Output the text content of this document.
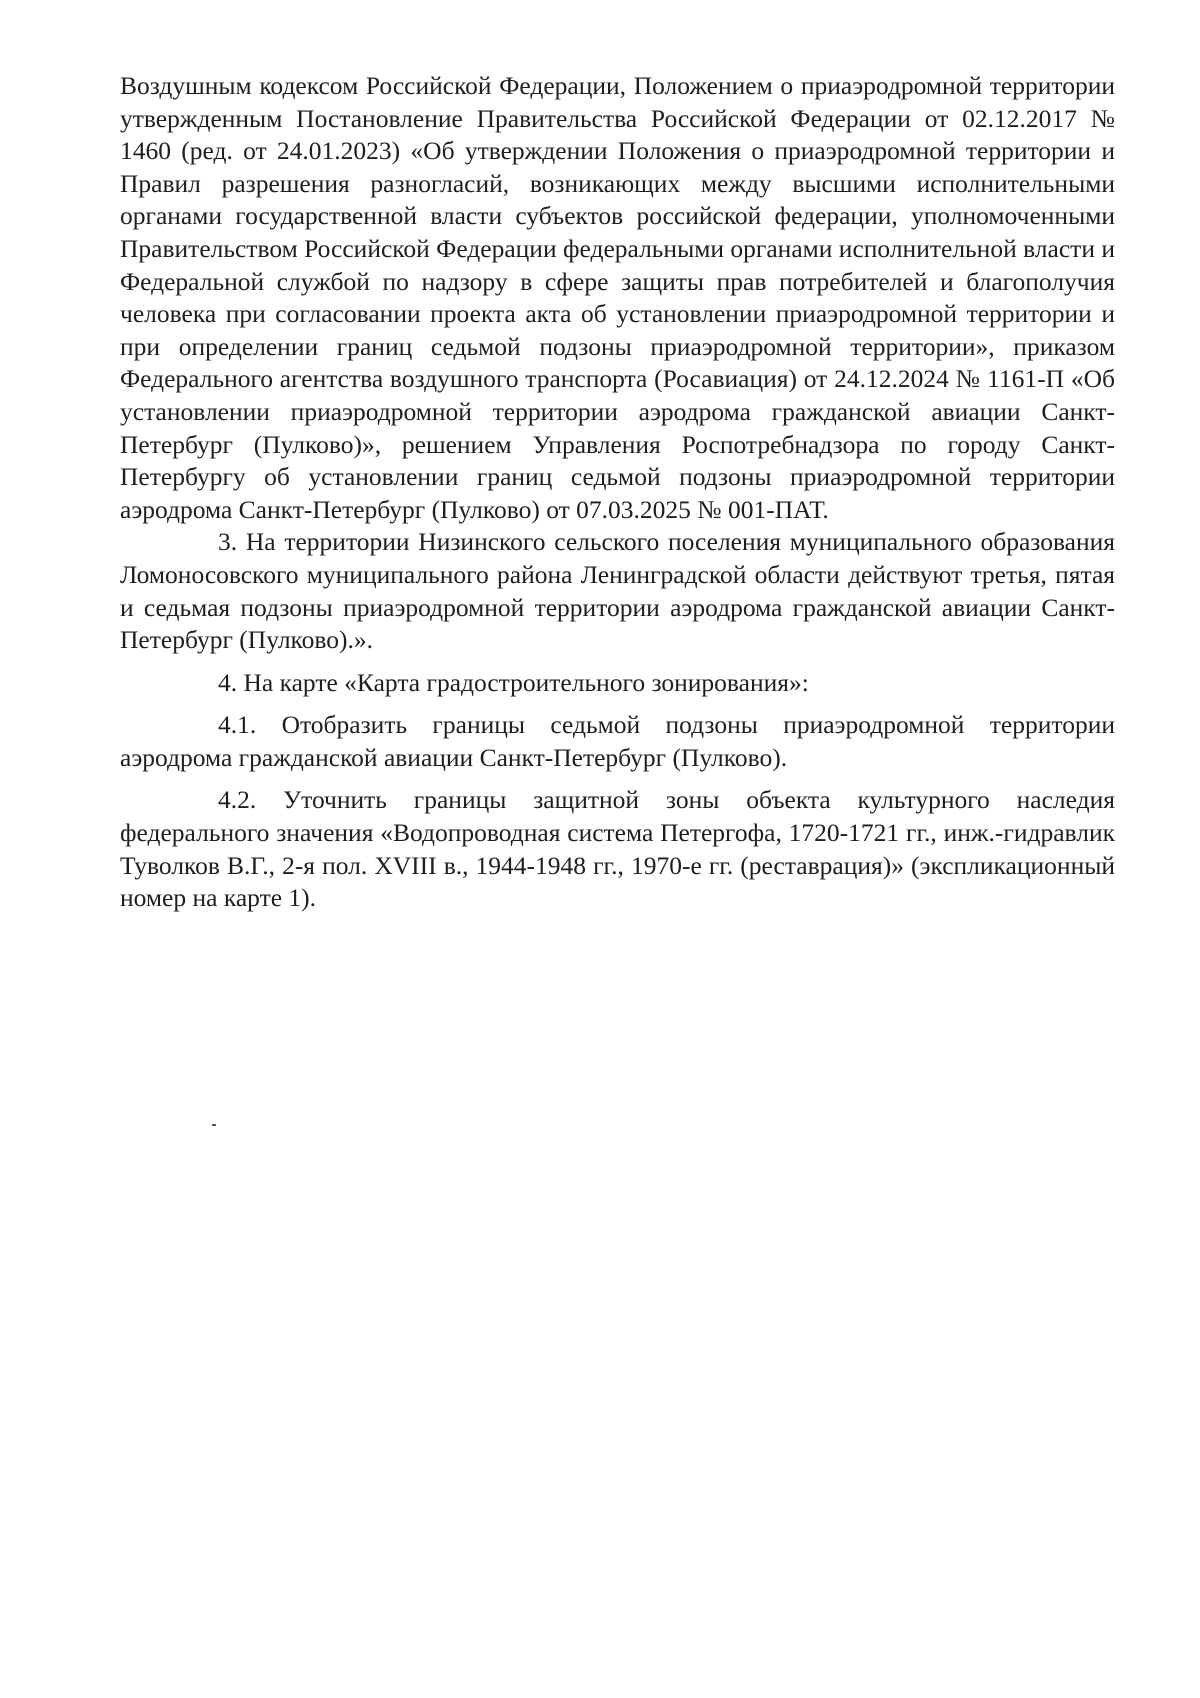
Воздушным кодексом Российской Федерации, Положением о приаэродромной территории утвержденным Постановление Правительства Российской Федерации от 02.12.2017 № 1460 (ред. от 24.01.2023) «Об утверждении Положения о приаэродромной территории и Правил разрешения разногласий, возникающих между высшими исполнительными органами государственной власти субъектов российской федерации, уполномоченными Правительством Российской Федерации федеральными органами исполнительной власти и Федеральной службой по надзору в сфере защиты прав потребителей и благополучия человека при согласовании проекта акта об установлении приаэродромной территории и при определении границ седьмой подзоны приаэродромной территории», приказом Федерального агентства воздушного транспорта (Росавиация) от 24.12.2024 № 1161-П «Об установлении приаэродромной территории аэродрома гражданской авиации Санкт-Петербург (Пулково)», решением Управления Роспотребнадзора по городу Санкт-Петербургу об установлении границ седьмой подзоны приаэродромной территории аэродрома Санкт-Петербург (Пулково) от 07.03.2025 № 001-ПАТ.

3. На территории Низинского сельского поселения муниципального образования Ломоносовского муниципального района Ленинградской области действуют третья, пятая и седьмая подзоны приаэродромной территории аэродрома гражданской авиации Санкт-Петербург (Пулково).».

4. На карте «Карта градостроительного зонирования»:

4.1. Отобразить границы седьмой подзоны приаэродромной территории аэродрома гражданской авиации Санкт-Петербург (Пулково).

4.2. Уточнить границы защитной зоны объекта культурного наследия федерального значения «Водопроводная система Петергофа, 1720-1721 гг., инж.-гидравлик Туволков В.Г., 2-я пол. XVIII в., 1944-1948 гг., 1970-е гг. (реставрация)» (экспликационный номер на карте 1).
